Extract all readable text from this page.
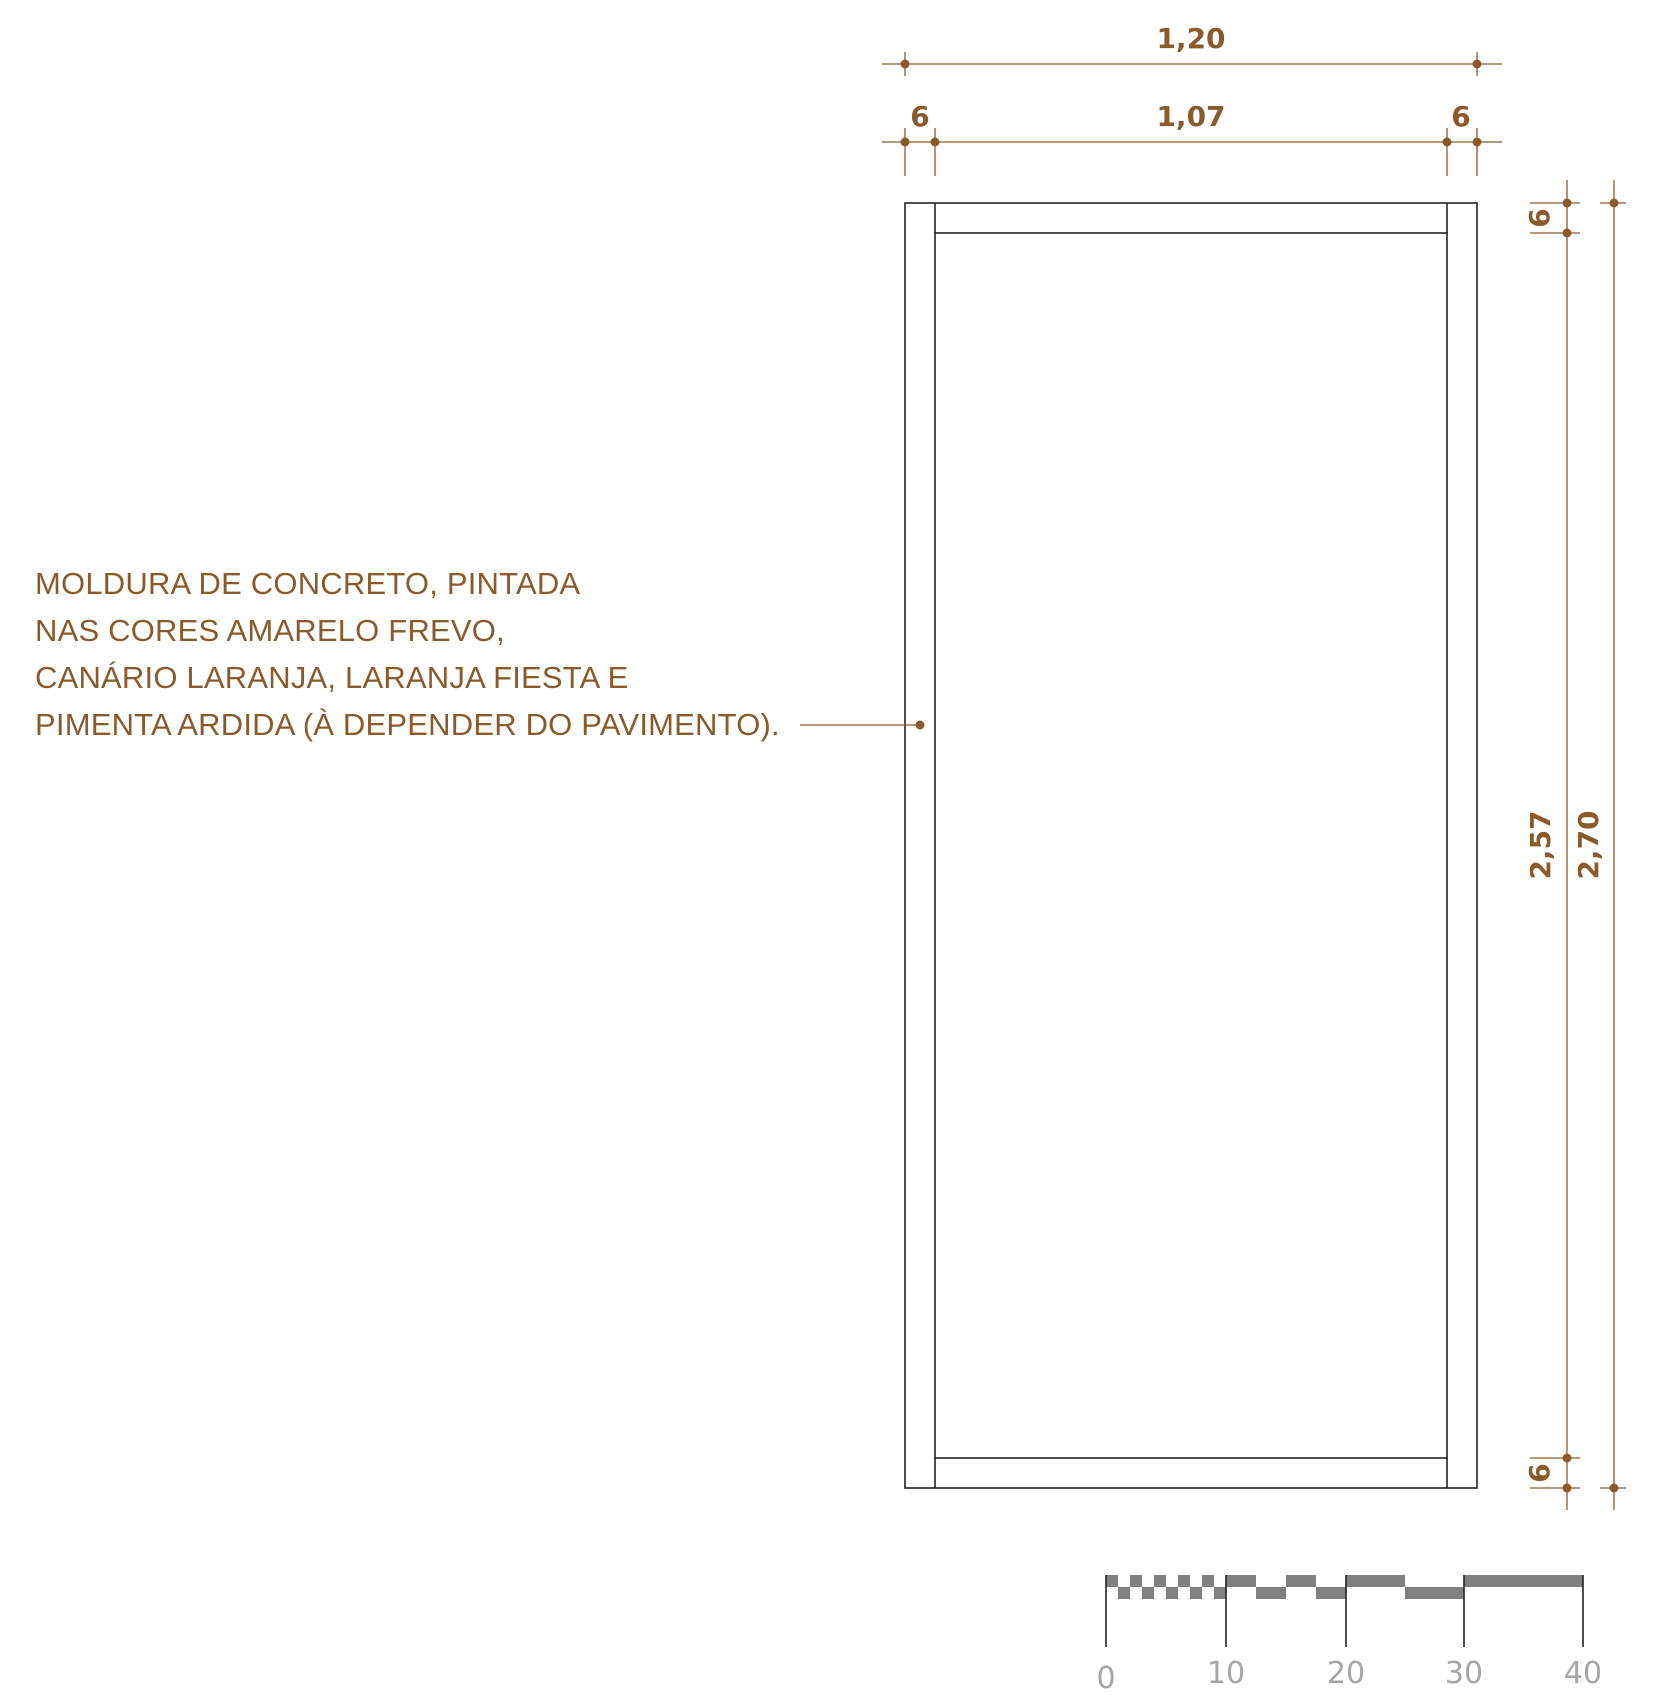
1,20
6	1,07	6
6
2,57
6
2,70
0	10	20	30	40
MOLDURA DE CONCRETO, PINTADA
NAS CORES AMARELO FREVO,
CANÁRIO LARANJA, LARANJA FIESTA E
PIMENTA ARDIDA (À DEPENDER DO PAVIMENTO).
